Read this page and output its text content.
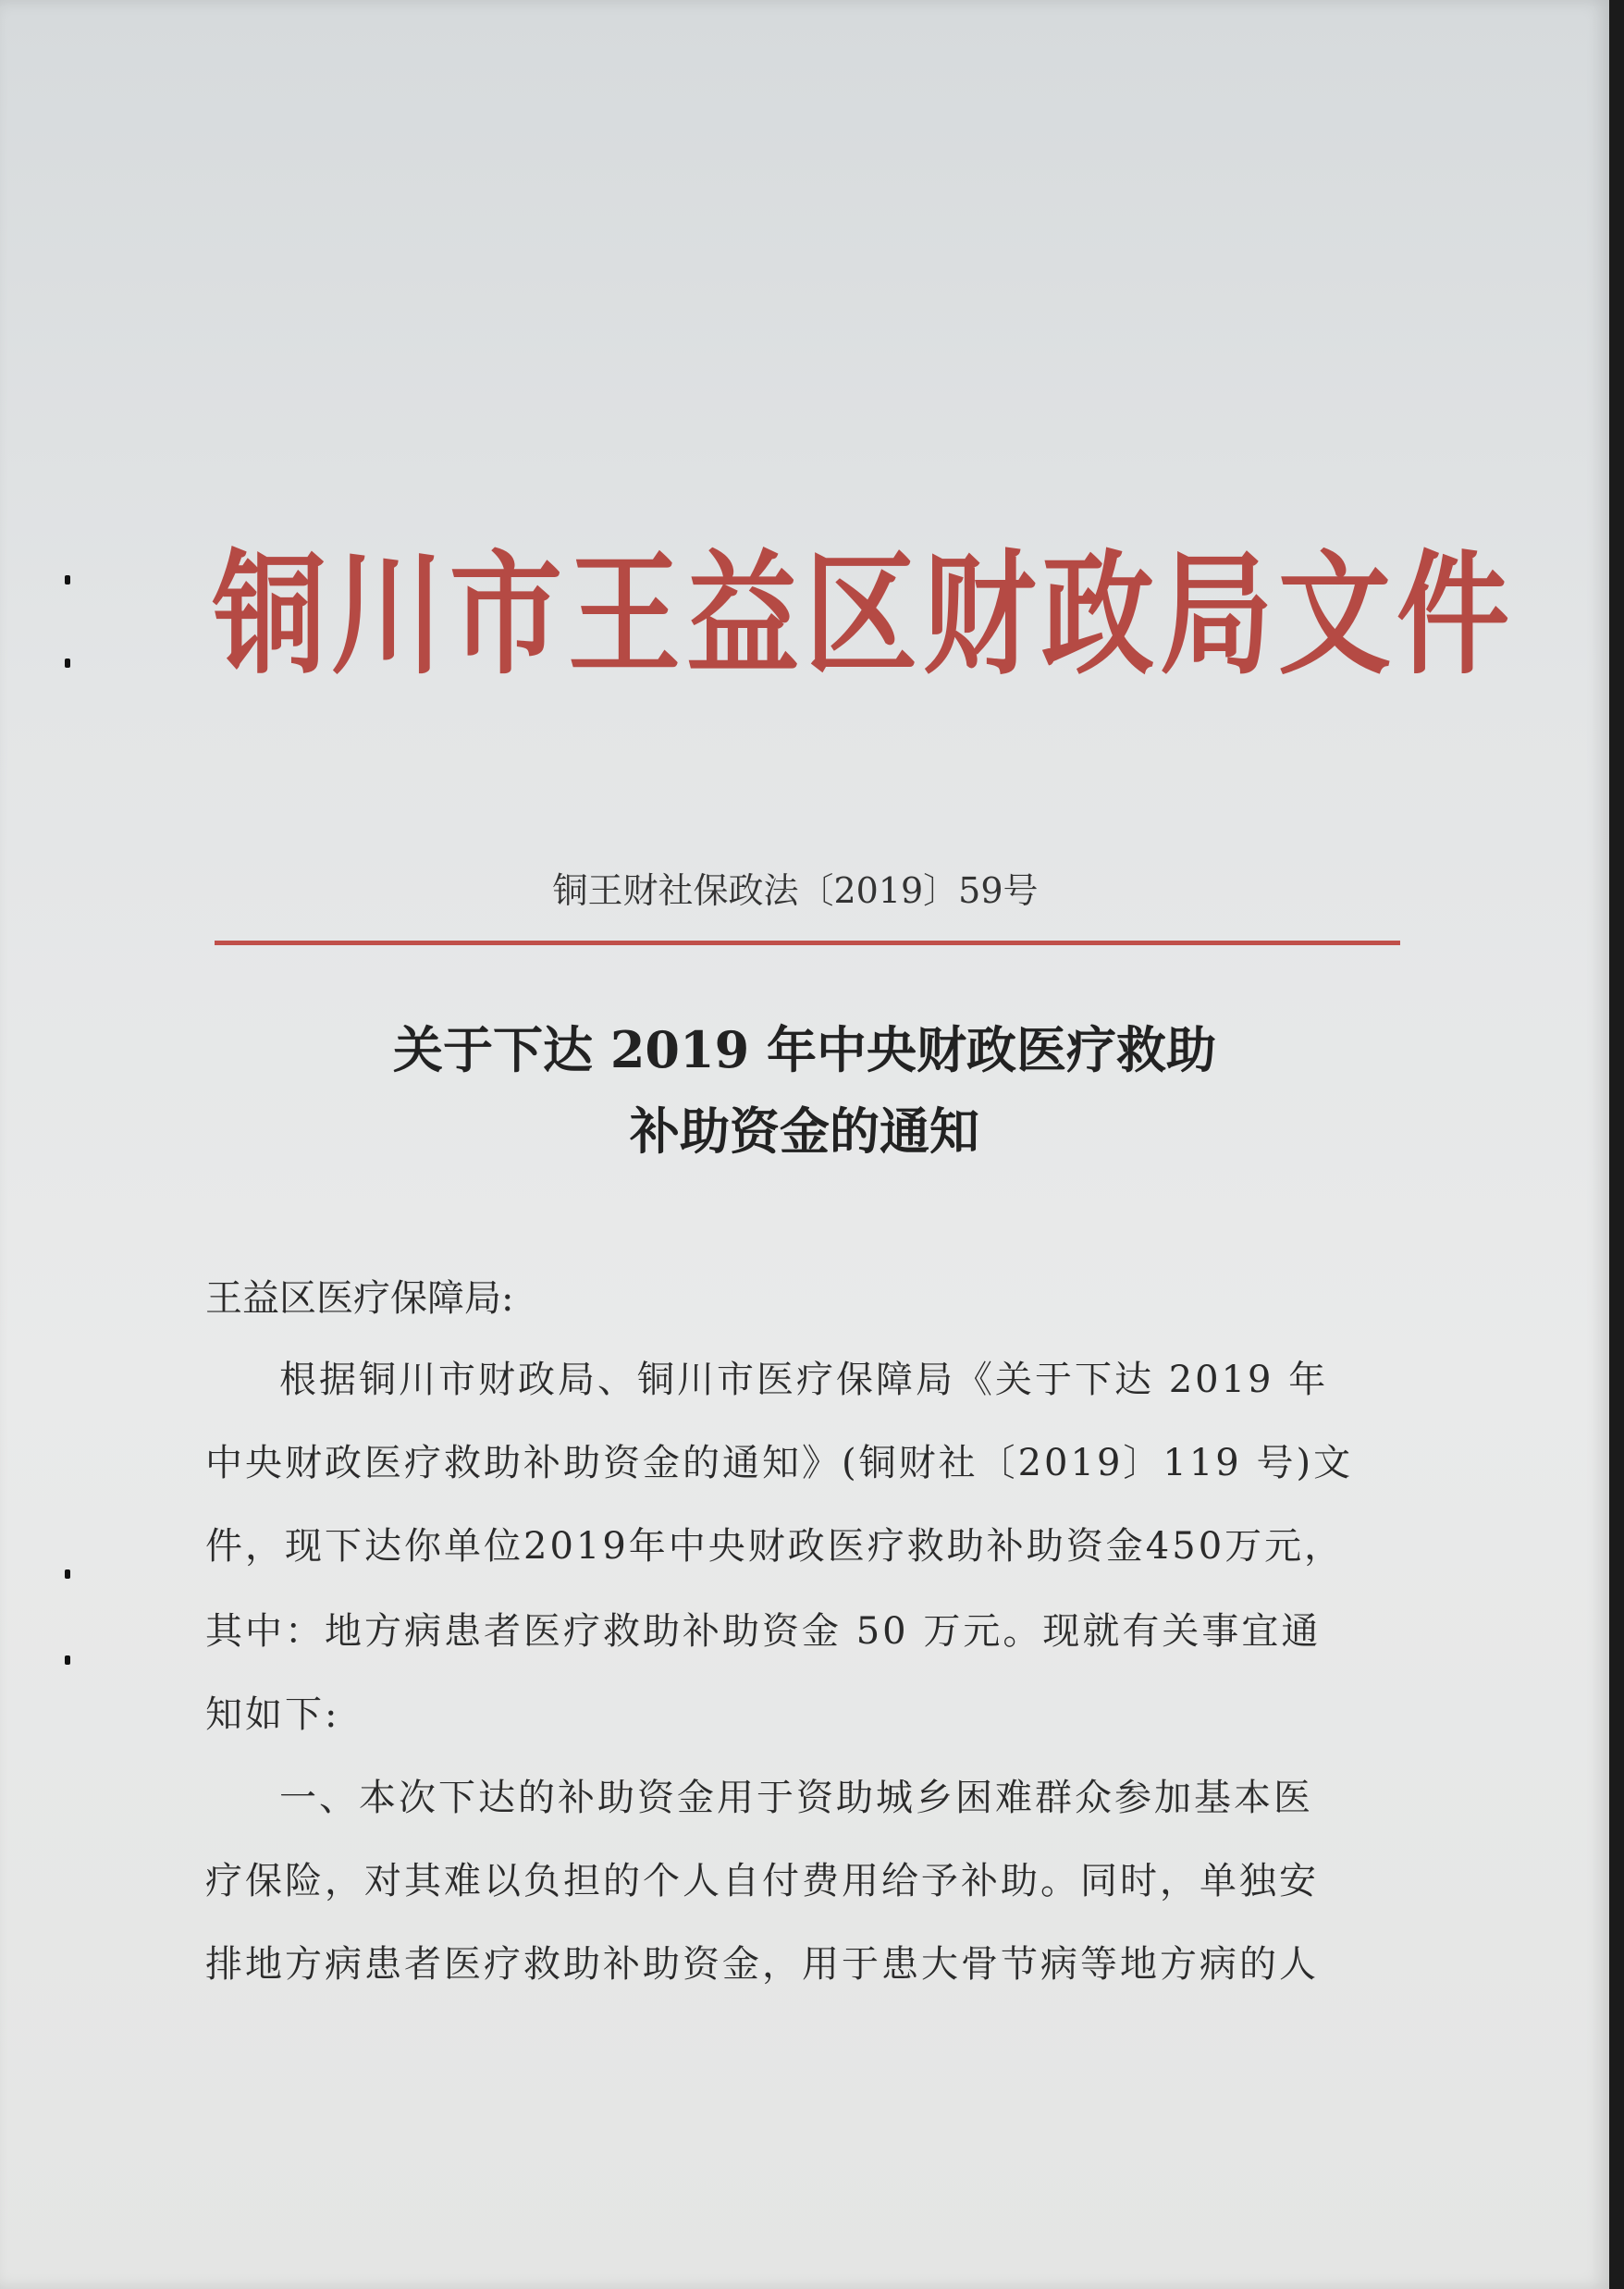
铜川市王益区财政局文件
铜王财社保政法〔2019〕59号
关于下达 2019 年中央财政医疗救助
补助资金的通知
王益区医疗保障局:
根据铜川市财政局、铜川市医疗保障局《关于下达 2019 年
中央财政医疗救助补助资金的通知》(铜财社〔2019〕119 号)文
件，现下达你单位2019年中央财政医疗救助补助资金450万元，
其中：地方病患者医疗救助补助资金 50 万元。现就有关事宜通
知如下:
一、本次下达的补助资金用于资助城乡困难群众参加基本医
疗保险，对其难以负担的个人自付费用给予补助。同时，单独安
排地方病患者医疗救助补助资金，用于患大骨节病等地方病的人
